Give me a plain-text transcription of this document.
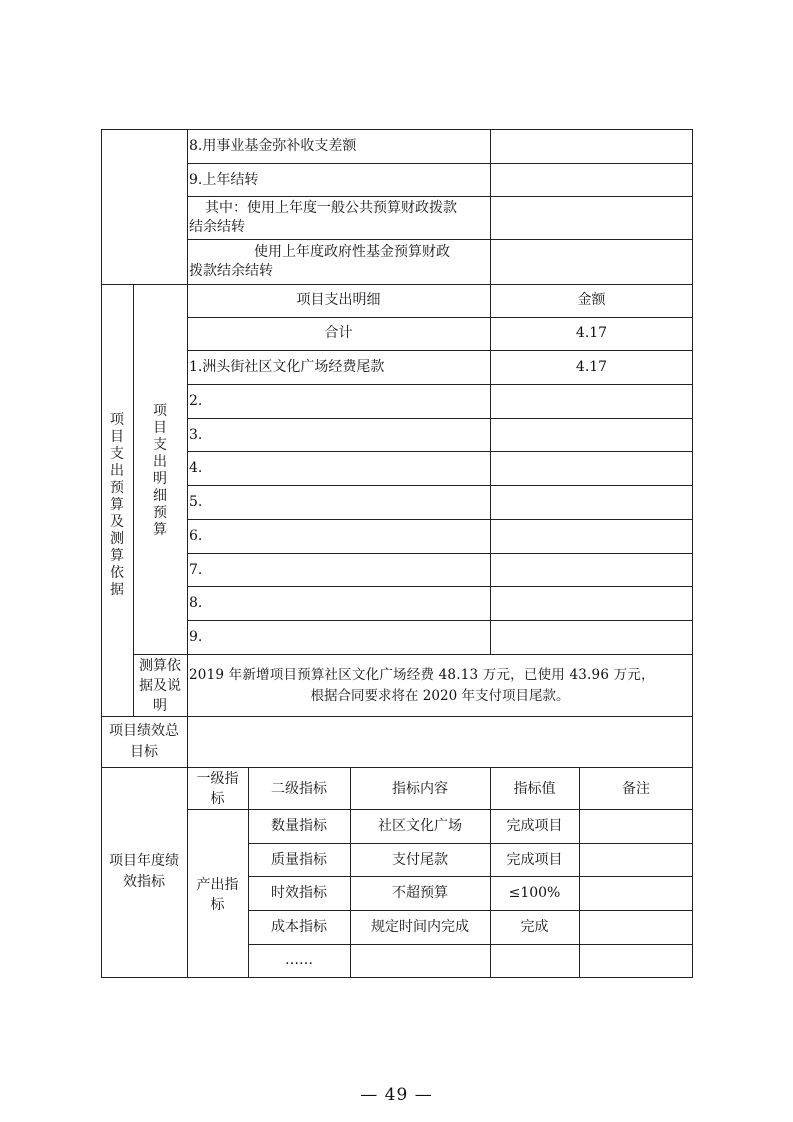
8.用事业基金弥补收支差额
9.上年结转
其中：使用上年度一般公共预算财政拨款
结余结转
使用上年度政府性基金预算财政
拨款结余结转
项目支出预算及测算依据
项目支出明细预算
项目支出明细	金额
合计	4.17
1.洲头街社区文化广场经费尾款	4.17
2.
3.
4.
5.
6.
7.
8.
9.
测算依
据及说
明
2019 年新增项目预算社区文化广场经费 48.13 万元，已使用 43.96 万元，
根据合同要求将在 2020 年支付项目尾款。
项目绩效总
目标
项目年度绩
效指标
一级指
标
二级指标	指标内容	指标值	备注
产出指
标
数量指标	社区文化广场	完成项目
质量指标	支付尾款	完成项目
时效指标	不超预算	≤100%
成本指标	规定时间内完成	完成
……
— 49 —
